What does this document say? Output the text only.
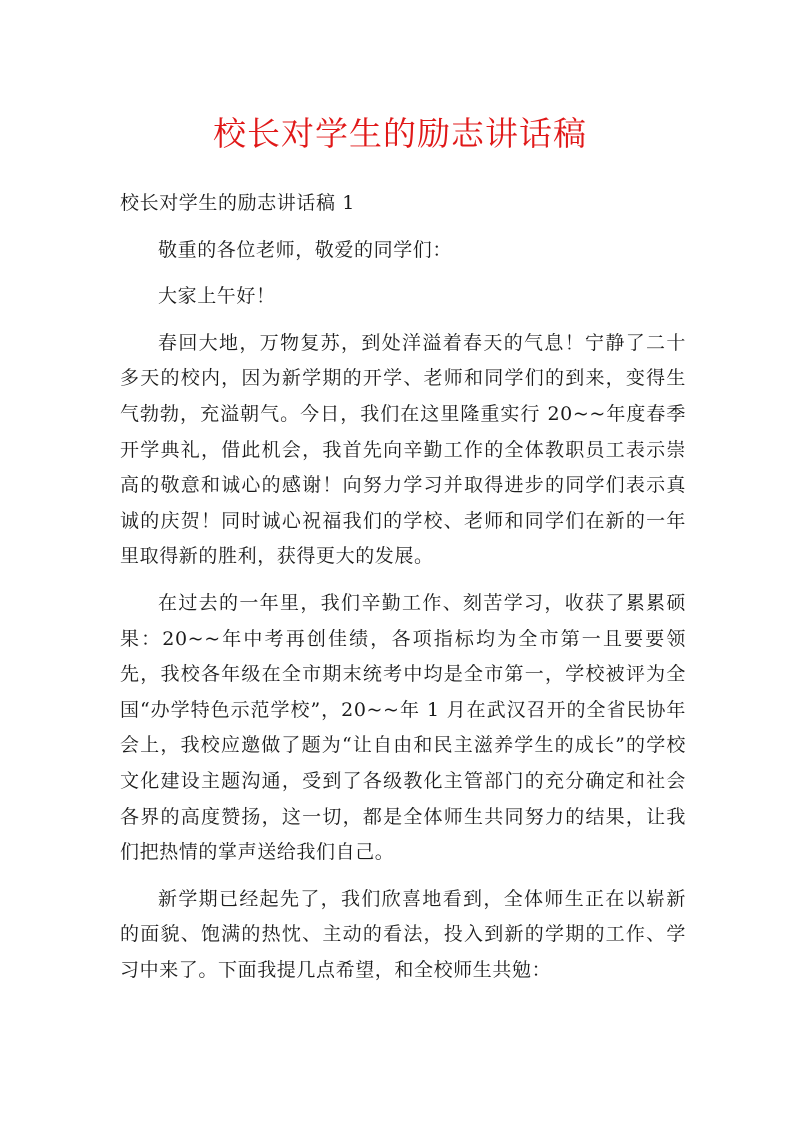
校长对学生的励志讲话稿

校长对学生的励志讲话稿 1

敬重的各位老师，敬爱的同学们：

大家上午好！

春回大地，万物复苏，到处洋溢着春天的气息！宁静了二十多天的校内，因为新学期的开学、老师和同学们的到来，变得生气勃勃，充溢朝气。今日，我们在这里隆重实行 20~~年度春季开学典礼，借此机会，我首先向辛勤工作的全体教职员工表示崇高的敬意和诚心的感谢！向努力学习并取得进步的同学们表示真诚的庆贺！同时诚心祝福我们的学校、老师和同学们在新的一年里取得新的胜利，获得更大的发展。

在过去的一年里，我们辛勤工作、刻苦学习，收获了累累硕果：20~~年中考再创佳绩，各项指标均为全市第一且要要领先，我校各年级在全市期末统考中均是全市第一，学校被评为全国“办学特色示范学校”，20~~年 1 月在武汉召开的全省民协年会上，我校应邀做了题为“让自由和民主滋养学生的成长”的学校文化建设主题沟通，受到了各级教化主管部门的充分确定和社会各界的高度赞扬，这一切，都是全体师生共同努力的结果，让我们把热情的掌声送给我们自己。

新学期已经起先了，我们欣喜地看到，全体师生正在以崭新的面貌、饱满的热忱、主动的看法，投入到新的学期的工作、学习中来了。下面我提几点希望，和全校师生共勉：
